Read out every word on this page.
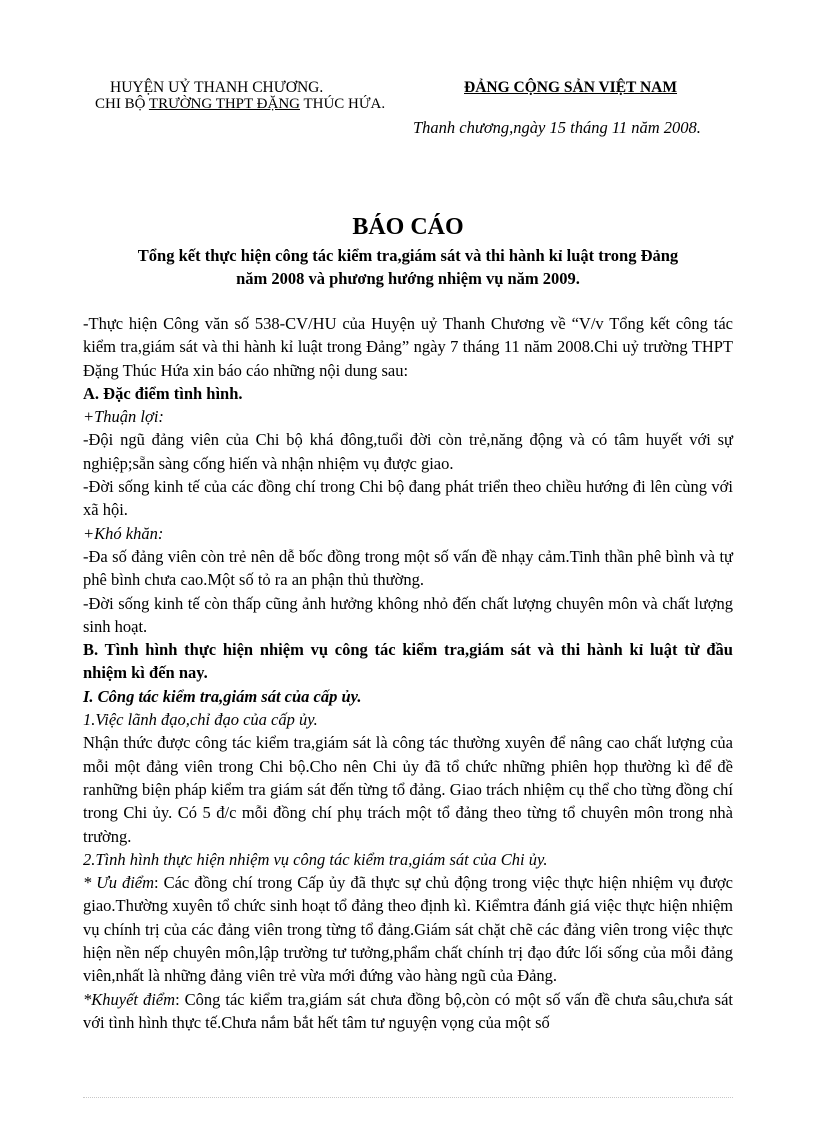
HUYỆN UỶ THANH CHƯƠNG.
CHI BỘ TRƯỜNG THPT ĐẶNG THÚC HỨA.
ĐẢNG CỘNG SẢN VIỆT NAM
Thanh chương,ngày 15 tháng 11 năm 2008.
BÁO CÁO
Tổng kết thực hiện công tác kiểm tra,giám sát và thi hành kỉ luật trong Đảng
năm 2008 và phương hướng nhiệm vụ năm 2009.

-Thực hiện Công văn số 538-CV/HU của Huyện uỷ Thanh Chương về “V/v Tổng kết công tác kiểm tra,giám sát và thi hành kỉ luật trong Đảng” ngày 7 tháng 11 năm 2008.Chi uỷ trường THPT Đặng Thúc Hứa xin báo cáo những nội dung sau:

A. Đặc điểm tình hình.

+Thuận lợi:

-Đội ngũ đảng viên của Chi bộ khá đông,tuổi đời còn trẻ,năng động và có tâm huyết với sự nghiệp;sẵn sàng cống hiến và nhận nhiệm vụ được giao.

-Đời sống kinh tế của các đồng chí trong Chi bộ đang phát triển theo chiều hướng đi lên cùng với xã hội.

+Khó khăn:

-Đa số đảng viên còn trẻ nên dễ bốc đồng trong một số vấn đề nhạy cảm.Tinh thần phê bình và tự phê bình chưa cao.Một số tỏ ra an phận thủ thường.

-Đời sống kinh tế còn thấp cũng ảnh hưởng không nhỏ đến chất lượng chuyên môn và chất lượng sinh hoạt.

B. Tình hình thực hiện nhiệm vụ công tác kiểm tra,giám sát và thi hành kỉ luật từ đầu nhiệm kì đến nay.

I. Công tác kiểm tra,giám sát của cấp ủy.

1.Việc lãnh đạo,chỉ đạo của cấp ủy.

Nhận thức được công tác kiểm tra,giám sát là công tác thường xuyên để nâng cao chất lượng của mỗi một đảng viên trong Chi bộ.Cho nên Chi ủy đã tổ chức những phiên họp thường kì để đề ranhững biện pháp kiểm tra giám sát đến từng tổ đảng. Giao trách nhiệm cụ thể cho từng đồng chí trong Chi ủy. Có 5 đ/c mỗi đồng chí phụ trách một tổ đảng theo từng tổ chuyên môn trong nhà trường.

2.Tình hình thực hiện nhiệm vụ công tác kiểm tra,giám sát của Chi ủy.

* Ưu điểm: Các đồng chí trong Cấp ủy đã thực sự chủ động trong việc thực hiện nhiệm vụ được giao.Thường xuyên tổ chức sinh hoạt tổ đảng theo định kì. Kiểmtra đánh giá việc thực hiện nhiệm vụ chính trị của các đảng viên trong từng tổ đảng.Giám sát chặt chẽ các đảng viên trong việc thực hiện nền nếp chuyên môn,lập trường tư tưởng,phẩm chất chính trị đạo đức lối sống của mỗi đảng viên,nhất là những đảng viên trẻ vừa mới đứng vào hàng ngũ của Đảng.

*Khuyết điểm: Công tác kiểm tra,giám sát chưa đồng bộ,còn có một số vấn đề chưa sâu,chưa sát với tình hình thực tế.Chưa nắm bắt hết tâm tư nguyện vọng của một số
